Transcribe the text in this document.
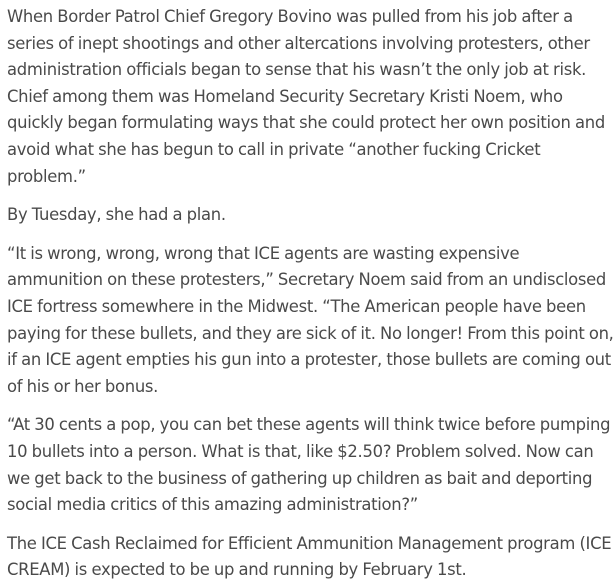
When Border Patrol Chief Gregory Bovino was pulled from his job after a series of inept shootings and other altercations involving protesters, other administration officials began to sense that his wasn’t the only job at risk. Chief among them was Homeland Security Secretary Kristi Noem, who quickly began formulating ways that she could protect her own position and avoid what she has begun to call in private “another fucking Cricket problem.”

By Tuesday, she had a plan.

“It is wrong, wrong, wrong that ICE agents are wasting expensive ammunition on these protesters,” Secretary Noem said from an undisclosed ICE fortress somewhere in the Midwest. “The American people have been paying for these bullets, and they are sick of it. No longer! From this point on, if an ICE agent empties his gun into a protester, those bullets are coming out of his or her bonus.

“At 30 cents a pop, you can bet these agents will think twice before pumping 10 bullets into a person. What is that, like $2.50? Problem solved. Now can we get back to the business of gathering up children as bait and deporting social media critics of this amazing administration?”

The ICE Cash Reclaimed for Efficient Ammunition Management program (ICE CREAM) is expected to be up and running by February 1st.
